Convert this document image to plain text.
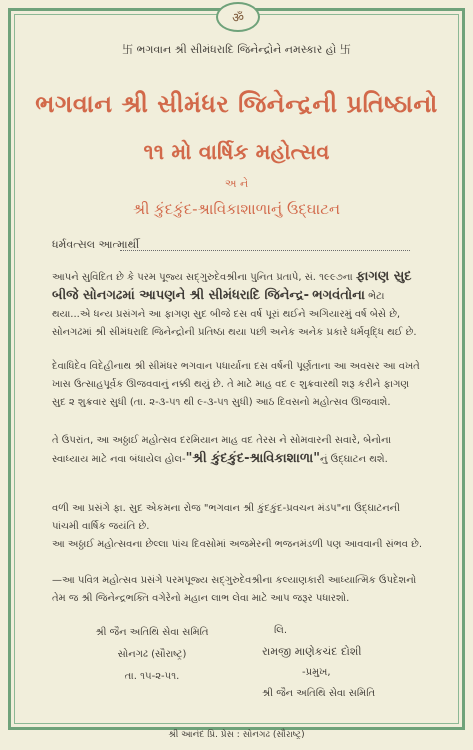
ॐ
卐 ભગવાન શ્રી સીમંધરાદિ જિનેન્દ્રોને નમસ્કાર હો 卐
ભગવાન શ્રી સીમંધર જિનેન્દ્રની પ્રતિષ્ઠાનો
૧૧ મો વાર્ષિક મહોત્સવ
અ ને
શ્રી કુંદકુંદ-શ્રાવિકાશાળાનું ઉદ્‌ઘાટન
ધર્મવત્સલ આત્માર્થી
આપને સુવિદિત છે કે પરમ પૂજ્ય સદ્‌ગુરુદેવશ્રીના પુનિત પ્રતાપે, સં. ૧૯૯૭ના ફાગણ સુદ બીજે સોનગઢમાં આપણને શ્રી સીમંધરાદિ જિનેન્દ્ર- ભગવંતોના ભેટા થયા...એ ધન્ય પ્રસંગને આ ફાગણ સુદ બીજે દસ વર્ષ પૂરાં થઈને અગિયારમું વર્ષ બેસે છે, સોનગઢમાં શ્રી સીમંધરાદિ જિનેન્દ્રોની પ્રતિષ્ઠા થયા પછી અનેક અનેક પ્રકારે ધર્મવૃદ્ધિ થઈ છે.
દેવાધિદેવ વિદેહીનાથ શ્રી સીમંધર ભગવાન પધાર્યાના દસ વર્ષની પૂર્ણતાના આ અવસર આ વખતે ખાસ ઉત્સાહપૂર્વક ઊજવવાનું નક્કી થયું છે. તે માટે માહ વદ ૯ શુક્રવારથી શરૂ કરીને ફાગણ સુદ ૨ શુક્રવાર સુધી (તા. ૨-૩-૫૧ થી ૯-૩-૫૧ સુધી) આઠ દિવસનો મહોત્સવ ઊજવાશે.
તે ઉપરાંત, આ અઠ્ઠાઈ મહોત્સવ દરમિયાન માહ વદ તેરસ ને સોમવારની સવારે, બેનોના સ્વાધ્યાય માટે નવા બંધાયેલ હોલ-"શ્રી કુંદકુંદ-શ્રાવિકાશાળા"નું ઉદ્‌ઘાટન થશે.
વળી આ પ્રસંગે ફા. સુદ એકમના રોજ "ભગવાન શ્રી કુંદકુંદ-પ્રવચન મંડપ"ના ઉદ્‌ઘાટનની પાંચમી વાર્ષિક જયંતિ છે.
આ અઠ્ઠાઈ મહોત્સવના છેલ્લા પાંચ દિવસોમાં અજમેરની ભજનમંડળી પણ આવવાની સંભવ છે.
—આ પવિત્ર મહોત્સવ પ્રસંગે પરમપૂજ્ય સદ્‌ગુરુદેવશ્રીના કલ્યાણકારી આધ્યાત્મિક ઉપદેશનો તેમ જ શ્રી જિનેન્દ્રભક્તિ વગેરેનો મહાન લાભ લેવા માટે આપ જરૂર પધારશો.
શ્રી જૈન અતિથિ સેવા સમિતિ
સોનગઢ (સૌરાષ્ટ્ર)
તા. ૧૫-૨-૫૧.
લિ.
રામજી માણેકચંદ દોશી
-પ્રમુખ,
શ્રી જૈન અતિથિ સેવા સમિતિ
શ્રી આનંદ પ્રિ. પ્રેસ : સોનગઢ (સૌરાષ્ટ્ર)
